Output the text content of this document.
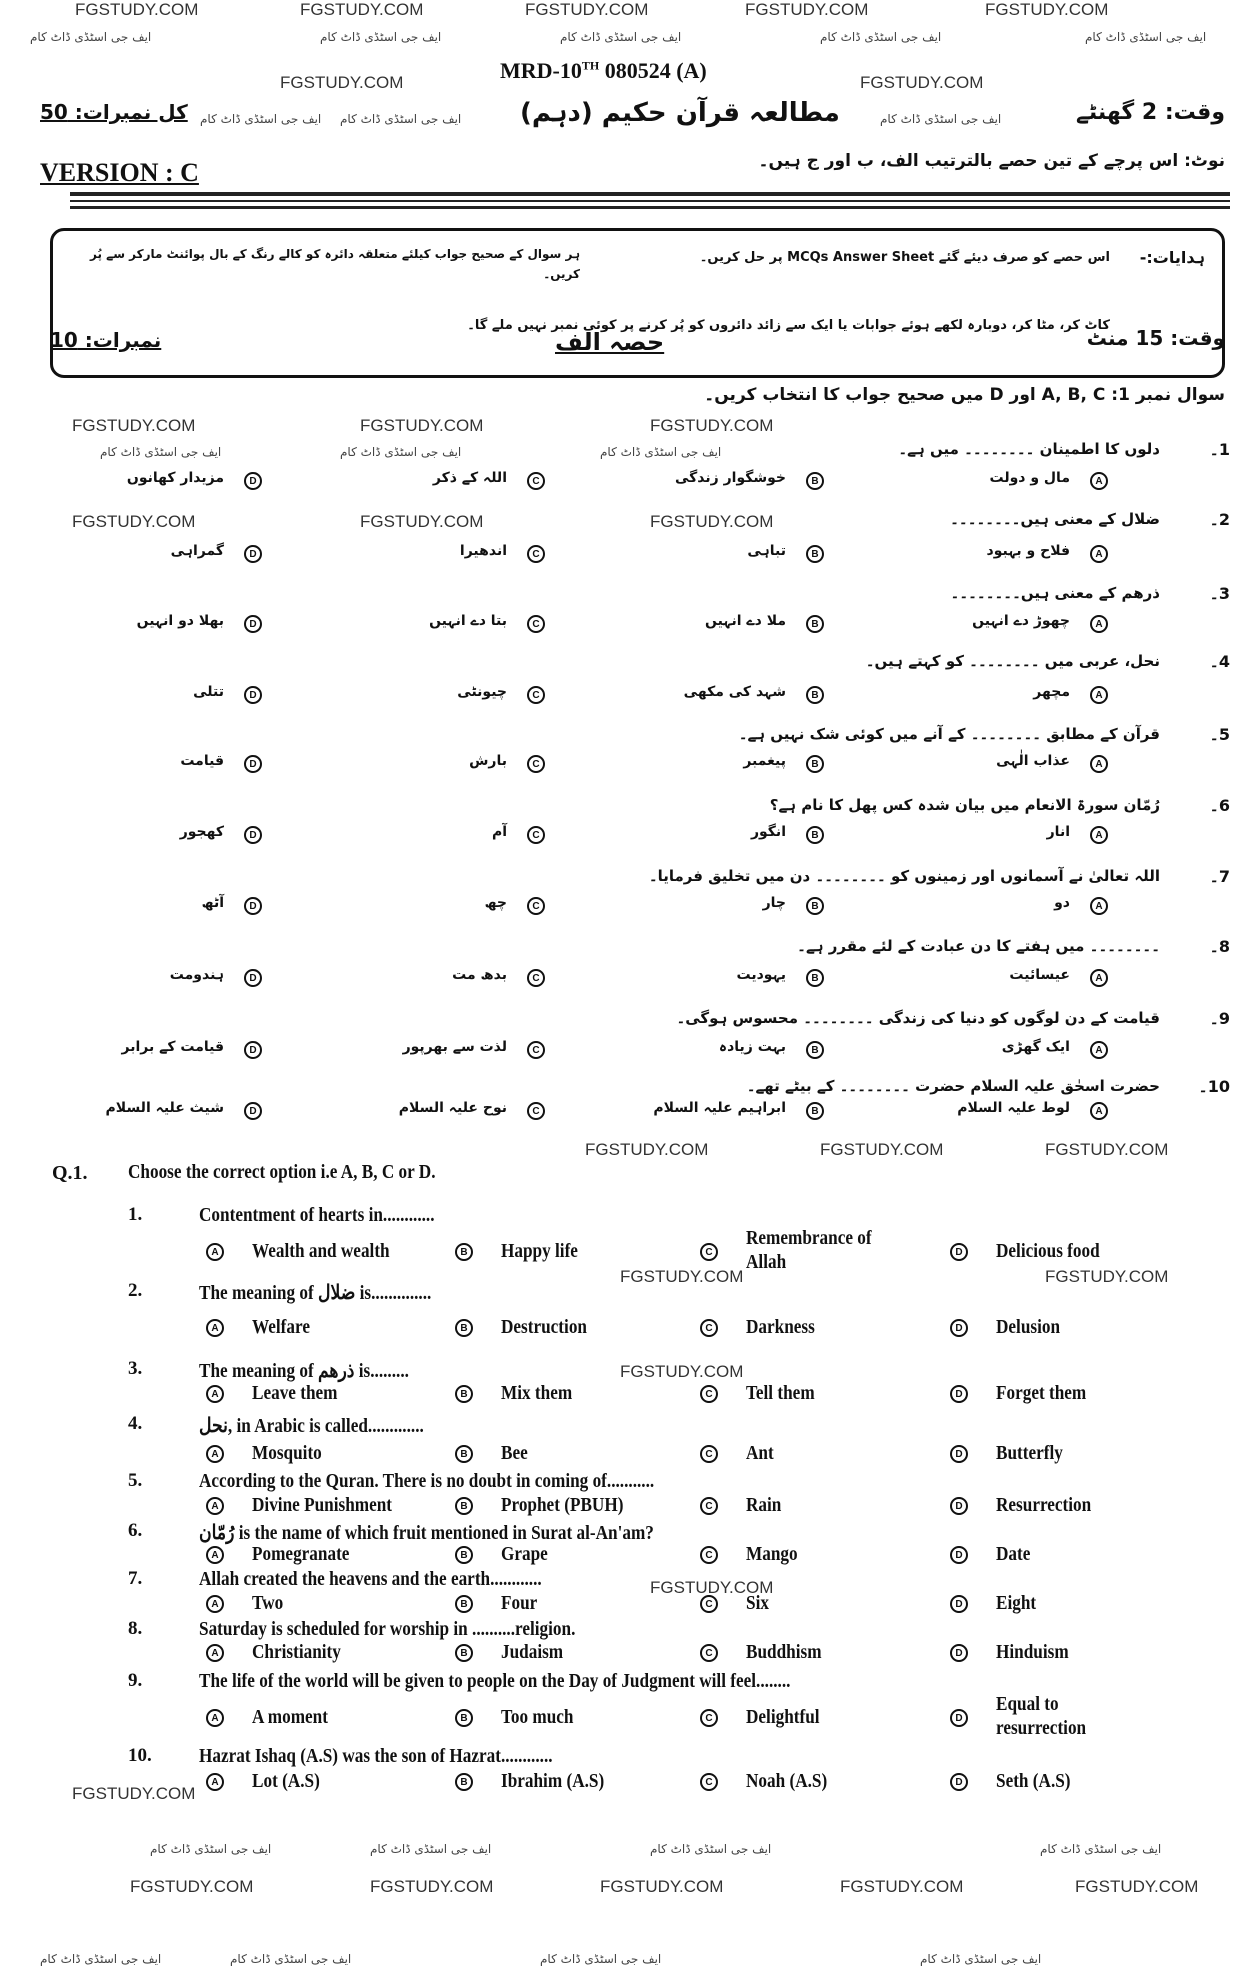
MRD-10TH 080524 (A)
مطالعہ قرآن حکیم (دہم)	وقت: 2 گھنٹے
کل نمبرات: 50
VERSION : C	نوٹ: اس پرچے کے تین حصے بالترتیب الف، ب اور ج ہیں۔
ہدایات:-
اس حصے کو صرف دیئے گئے MCQs Answer Sheet پر حل کریں۔
ہر سوال کے صحیح جواب کیلئے متعلقہ دائرہ کو کالے رنگ کے بال پوائنٹ مارکر سے پُر کریں۔
کاٹ کر، مٹا کر، دوبارہ لکھے ہوئے جوابات یا ایک سے زائد دائروں کو پُر کرنے پر کوئی نمبر نہیں ملے گا۔
وقت: 15 منٹ
حصہ الف
نمبرات: 10
سوال نمبر 1: A, B, C اور D میں صحیح جواب کا انتخاب کریں۔
FGSTUDY.COM	FGSTUDY.COM	FGSTUDY.COM	FGSTUDY.COM	FGSTUDY.COM
FGSTUDY.COM	FGSTUDY.COM
FGSTUDY.COM	FGSTUDY.COM	FGSTUDY.COM
FGSTUDY.COM	FGSTUDY.COM	FGSTUDY.COM
FGSTUDY.COM	FGSTUDY.COM	FGSTUDY.COM
FGSTUDY.COM	FGSTUDY.COM
FGSTUDY.COM
FGSTUDY.COM
FGSTUDY.COM
FGSTUDY.COM	FGSTUDY.COM	FGSTUDY.COM	FGSTUDY.COM	FGSTUDY.COM
ایف جی اسٹڈی ڈاٹ کام	ایف جی اسٹڈی ڈاٹ کام	ایف جی اسٹڈی ڈاٹ کام	ایف جی اسٹڈی ڈاٹ کام	ایف جی اسٹڈی ڈاٹ کام
ایف جی اسٹڈی ڈاٹ کام ایف جی اسٹڈی ڈاٹ کام	ایف جی اسٹڈی ڈاٹ کام
ایف جی اسٹڈی ڈاٹ کام	ایف جی اسٹڈی ڈاٹ کام	ایف جی اسٹڈی ڈاٹ کام
ایف جی اسٹڈی ڈاٹ کام	ایف جی اسٹڈی ڈاٹ کام	ایف جی اسٹڈی ڈاٹ کام	ایف جی اسٹڈی ڈاٹ کام
ایف جی اسٹڈی ڈاٹ کام	ایف جی اسٹڈی ڈاٹ کام	ایف جی اسٹڈی ڈاٹ کام	ایف جی اسٹڈی ڈاٹ کام
1۔
دلوں کا اطمینان ۔۔۔۔۔۔۔۔ میں ہے۔
A
مال و دولت
B
خوشگوار زندگی
C
اللہ کے ذکر
D
مزیدار کھانوں
2۔
ضلال کے معنی ہیں۔۔۔۔۔۔۔۔
A
فلاح و بہبود
B
تباہی
C
اندھیرا
D
گمراہی
3۔
ذرھم کے معنی ہیں۔۔۔۔۔۔۔۔
A
چھوڑ دے انہیں
B
ملا دے انہیں
C
بتا دے انہیں
D
بھلا دو انہیں
4۔
نحل، عربی میں ۔۔۔۔۔۔۔۔ کو کہتے ہیں۔
A
مچھر
B
شہد کی مکھی
C
چیونٹی
D
تتلی
5۔
قرآن کے مطابق ۔۔۔۔۔۔۔۔ کے آنے میں کوئی شک نہیں ہے۔
A
عذاب الٰہی
B
پیغمبر
C
بارش
D
قیامت
6۔
رُمّان سورۃ الانعام میں بیان شدہ کس پھل کا نام ہے؟
A
انار
B
انگور
C
آم
D
کھجور
7۔
اللہ تعالیٰ نے آسمانوں اور زمینوں کو ۔۔۔۔۔۔۔۔ دن میں تخلیق فرمایا۔
A
دو
B
چار
C
چھ
D
آٹھ
8۔
۔۔۔۔۔۔۔۔ میں ہفتے کا دن عبادت کے لئے مقرر ہے۔
A
عیسائیت
B
یہودیت
C
بدھ مت
D
ہندومت
9۔
قیامت کے دن لوگوں کو دنیا کی زندگی ۔۔۔۔۔۔۔۔ محسوس ہوگی۔
A
ایک گھڑی
B
بہت زیادہ
C
لذت سے بھرپور
D
قیامت کے برابر
10۔
حضرت اسحٰق علیہ السلام حضرت ۔۔۔۔۔۔۔۔ کے بیٹے تھے۔
A
لوط علیہ السلام
B
ابراہیم علیہ السلام
C
نوح علیہ السلام
D
شیث علیہ السلام
Q.1. Choose the correct option i.e A, B, C or D.
1.	Contentment of hearts in............
A Wealth and wealth	B Happy life	C
Remembrance of Allah	D Delicious food
2.	The meaning of ضلال is..............
A Welfare	B Destruction	C Darkness	D Delusion
3.	The meaning of ذرھم is.........
A Leave them	B Mix them	C Tell them	D Forget them
4.	نحل, in Arabic is called.............
A Mosquito	B Bee	C Ant	D Butterfly
5.	According to the Quran. There is no doubt in coming of...........
A Divine Punishment	B Prophet (PBUH)	C Rain	D Resurrection
6.	رُمّان is the name of which fruit mentioned in Surat al-An'am?
A Pomegranate	B Grape	C Mango	D Date
7.	Allah created the heavens and the earth............
A Two	B Four	C Six	D Eight
8.	Saturday is scheduled for worship in ..........religion.
A Christianity	B Judaism	C Buddhism	D Hinduism
9.	The life of the world will be given to people on the Day of Judgment will feel........
A A moment	B Too much	C Delightful	D
Equal to resurrection
10. Hazrat Ishaq (A.S) was the son of Hazrat............
A Lot (A.S)	B Ibrahim (A.S)	C Noah (A.S)	D Seth (A.S)
